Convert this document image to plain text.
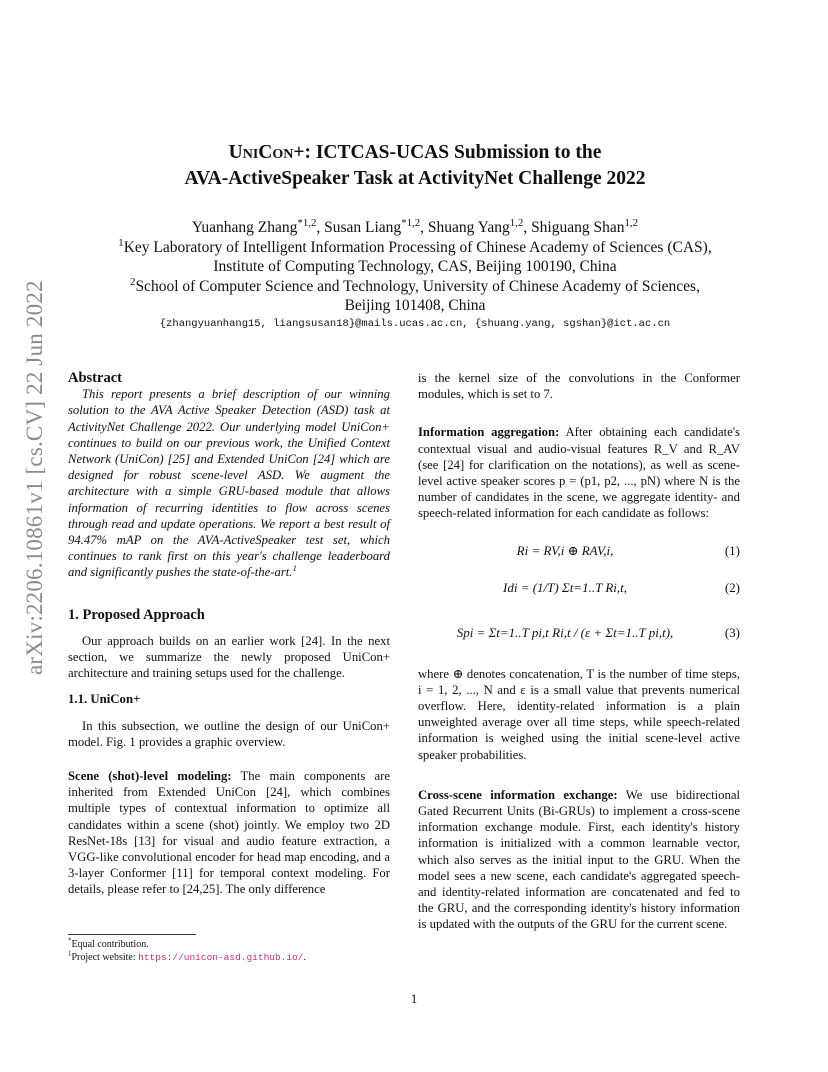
arXiv:2206.10861v1 [cs.CV] 22 Jun 2022
UniCon+: ICTCAS-UCAS Submission to the
AVA-ActiveSpeaker Task at ActivityNet Challenge 2022
Yuanhang Zhang$^{*1,2}$, Susan Liang$^{*1,2}$, Shuang Yang$^{1,2}$, Shiguang Shan$^{1,2}$
$^1$Key Laboratory of Intelligent Information Processing of Chinese Academy of Sciences (CAS),
Institute of Computing Technology, CAS, Beijing 100190, China
$^2$School of Computer Science and Technology, University of Chinese Academy of Sciences,
Beijing 101408, China
{zhangyuanhang15, liangsusan18}@mails.ucas.ac.cn, {shuang.yang, sgshan}@ict.ac.cn

Abstract

This report presents a brief description of our winning solution to the AVA Active Speaker Detection (ASD) task at ActivityNet Challenge 2022. Our underlying model UniCon+ continues to build on our previous work, the Unified Context Network (UniCon) [25] and Extended UniCon [24] which are designed for robust scene-level ASD. We augment the architecture with a simple GRU-based module that allows information of recurring identities to flow across scenes through read and update operations. We report a best result of 94.47% mAP on the AVA-ActiveSpeaker test set, which continues to rank first on this year's challenge leaderboard and significantly pushes the state-of-the-art.$^1$

1. Proposed Approach

Our approach builds on an earlier work [24]. In the next section, we summarize the newly proposed UniCon+ architecture and training setups used for the challenge.

1.1. UniCon+

In this subsection, we outline the design of our UniCon+ model. Fig. 1 provides a graphic overview.

Scene (shot)-level modeling: The main components are inherited from Extended UniCon [24], which combines multiple types of contextual information to optimize all candidates within a scene (shot) jointly. We employ two 2D ResNet-18s [13] for visual and audio feature extraction, a VGG-like convolutional encoder for head map encoding, and a 3-layer Conformer [11] for temporal context modeling. For details, please refer to [24,25]. The only difference

is the kernel size of the convolutions in the Conformer modules, which is set to 7.

Information aggregation: After obtaining each candidate's contextual visual and audio-visual features R_V and R_AV (see [24] for clarification on the notations), as well as scene-level active speaker scores p = (p1, p2, ..., pN) where N is the number of candidates in the scene, we aggregate identity- and speech-related information for each candidate as follows:

Ri = RV,i ⊕ RAV,i,	(1)
Idi = (1/T) Σt=1..T Ri,t,	(2)
Spi = Σt=1..T pi,t Ri,t / (ε + Σt=1..T pi,t),	(3)

where ⊕ denotes concatenation, T is the number of time steps, i = 1, 2, ..., N and ε is a small value that prevents numerical overflow. Here, identity-related information is a plain unweighted average over all time steps, while speech-related information is weighed using the initial scene-level active speaker probabilities.

Cross-scene information exchange: We use bidirectional Gated Recurrent Units (Bi-GRUs) to implement a cross-scene information exchange module. First, each identity's history information is initialized with a common learnable vector, which also serves as the initial input to the GRU. When the model sees a new scene, each candidate's aggregated speech- and identity-related information are concatenated and fed to the GRU, and the corresponding identity's history information is updated with the outputs of the GRU for the current scene.

*Equal contribution.
$^1$Project website: https://unicon-asd.github.io/.
1
